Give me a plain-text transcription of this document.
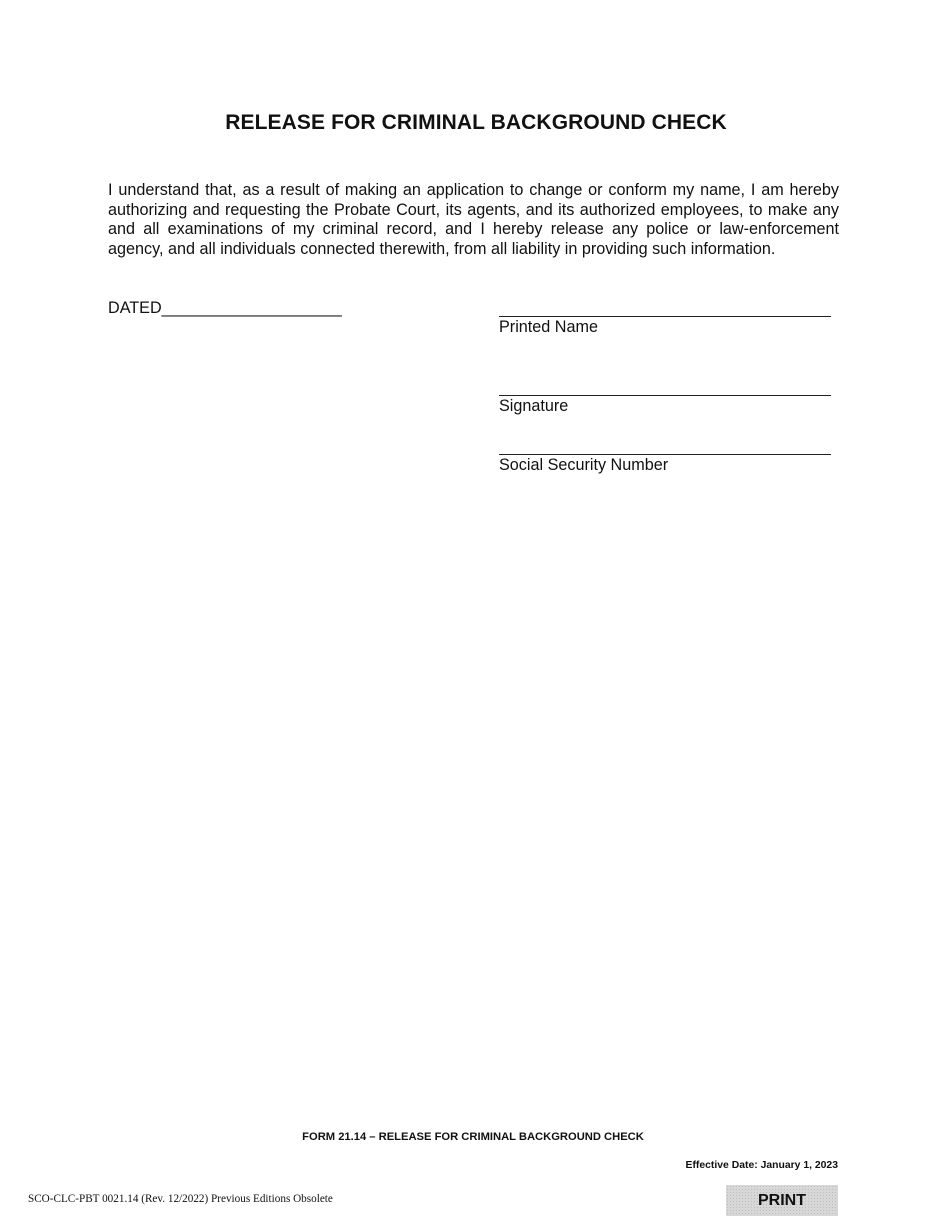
RELEASE FOR CRIMINAL BACKGROUND CHECK
I understand that, as a result of making an application to change or conform my name, I am hereby authorizing and requesting the Probate Court, its agents, and its authorized employees, to make any and all examinations of my criminal record, and I hereby release any police or law-enforcement agency, and all individuals connected therewith, from all liability in providing such information.
DATED____________________
Printed Name
Signature
Social Security Number
FORM 21.14 – RELEASE FOR CRIMINAL BACKGROUND CHECK
Effective Date: January 1, 2023
SCO-CLC-PBT 0021.14 (Rev. 12/2022) Previous Editions Obsolete	PRINT
